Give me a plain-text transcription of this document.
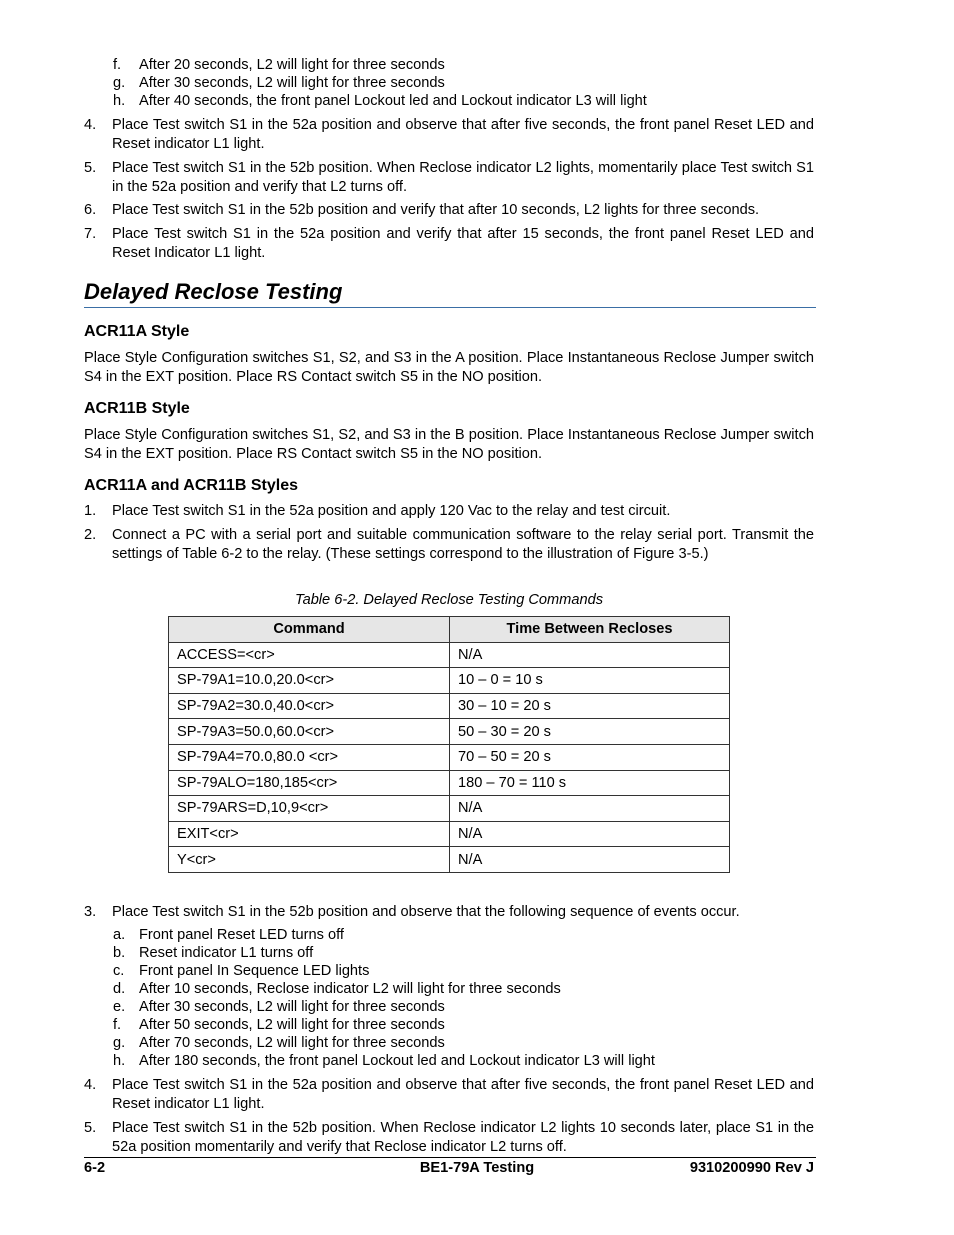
f. After 20 seconds, L2 will light for three seconds
g. After 30 seconds, L2 will light for three seconds
h. After 40 seconds, the front panel Lockout led and Lockout indicator L3 will light
4. Place Test switch S1 in the 52a position and observe that after five seconds, the front panel Reset LED and Reset indicator L1 light.
5. Place Test switch S1 in the 52b position. When Reclose indicator L2 lights, momentarily place Test switch S1 in the 52a position and verify that L2 turns off.
6. Place Test switch S1 in the 52b position and verify that after 10 seconds, L2 lights for three seconds.
7. Place Test switch S1 in the 52a position and verify that after 15 seconds, the front panel Reset LED and Reset Indicator L1 light.
Delayed Reclose Testing
ACR11A Style
Place Style Configuration switches S1, S2, and S3 in the A position. Place Instantaneous Reclose Jumper switch S4 in the EXT position. Place RS Contact switch S5 in the NO position.
ACR11B Style
Place Style Configuration switches S1, S2, and S3 in the B position. Place Instantaneous Reclose Jumper switch S4 in the EXT position. Place RS Contact switch S5 in the NO position.
ACR11A and ACR11B Styles
1. Place Test switch S1 in the 52a position and apply 120 Vac to the relay and test circuit.
2. Connect a PC with a serial port and suitable communication software to the relay serial port. Transmit the settings of Table 6-2 to the relay. (These settings correspond to the illustration of Figure 3-5.)
Table 6-2. Delayed Reclose Testing Commands
Command	Time Between Recloses
ACCESS=<cr>	N/A
SP-79A1=10.0,20.0<cr>	10 – 0 = 10 s
SP-79A2=30.0,40.0<cr>	30 – 10 = 20 s
SP-79A3=50.0,60.0<cr>	50 – 30 = 20 s
SP-79A4=70.0,80.0 <cr>	70 – 50 = 20 s
SP-79ALO=180,185<cr>	180 – 70 = 110 s
SP-79ARS=D,10,9<cr>	N/A
EXIT<cr>	N/A
Y<cr>	N/A
3. Place Test switch S1 in the 52b position and observe that the following sequence of events occur.
4. Place Test switch S1 in the 52a position and observe that after five seconds, the front panel Reset LED and Reset indicator L1 light.
5. Place Test switch S1 in the 52b position. When Reclose indicator L2 lights 10 seconds later, place S1 in the 52a position momentarily and verify that Reclose indicator L2 turns off.
a. Front panel Reset LED turns off
b. Reset indicator L1 turns off
c. Front panel In Sequence LED lights
d. After 10 seconds, Reclose indicator L2 will light for three seconds
e. After 30 seconds, L2 will light for three seconds
f. After 50 seconds, L2 will light for three seconds
g. After 70 seconds, L2 will light for three seconds
h. After 180 seconds, the front panel Lockout led and Lockout indicator L3 will light
6-2	BE1-79A Testing	9310200990 Rev J
